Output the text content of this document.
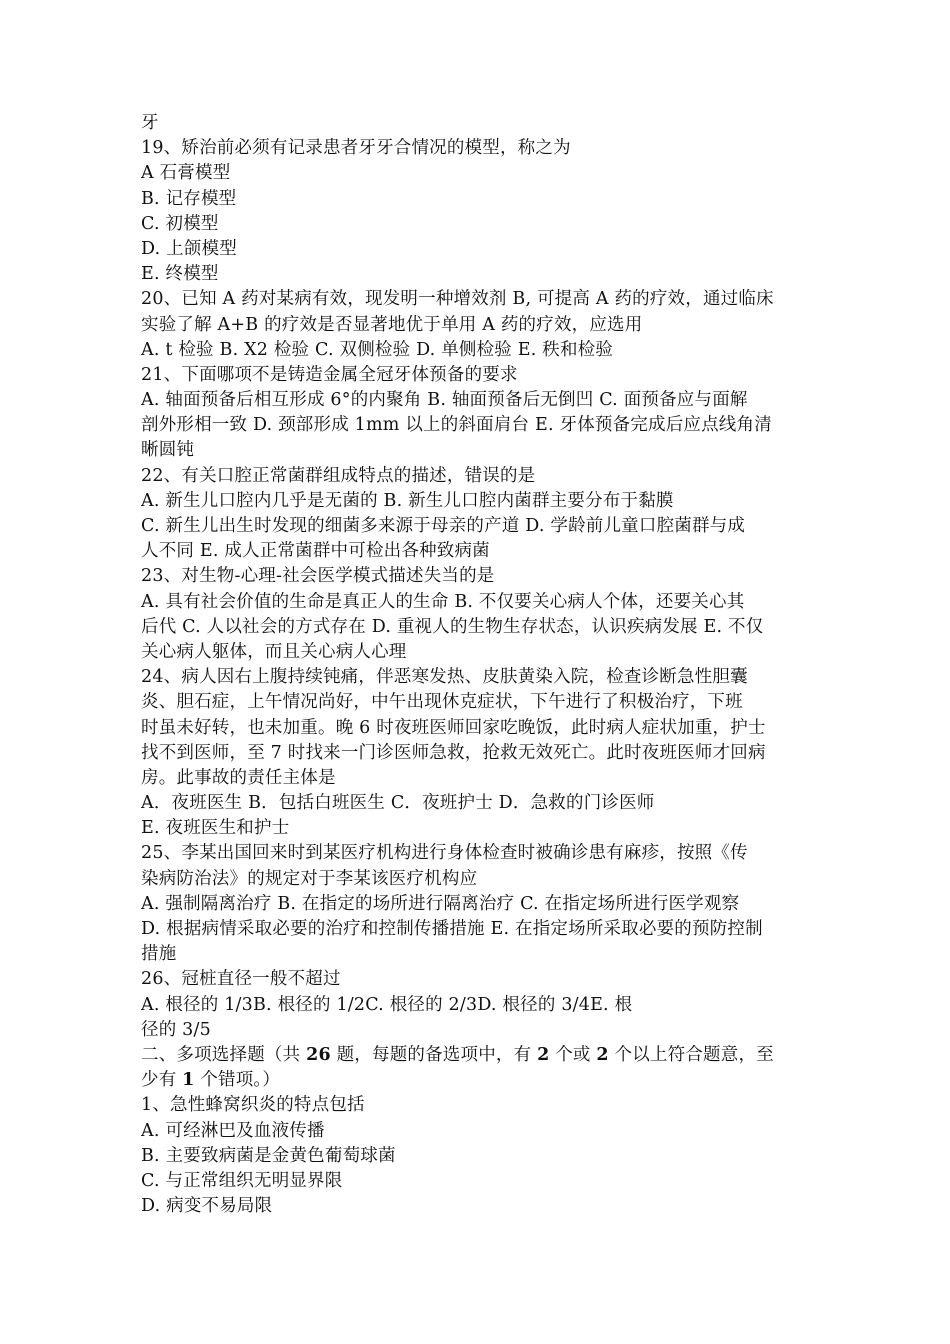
牙
19、矫治前必须有记录患者牙牙合情况的模型，称之为
A 石膏模型
B. 记存模型
C. 初模型
D. 上颌模型
E. 终模型
20、已知 A 药对某病有效，现发明一种增效剂 B, 可提高 A 药的疗效，通过临床
实验了解 A+B 的疗效是否显著地优于单用 A 药的疗效，应选用
A. t 检验 B. X2 检验 C. 双侧检验 D. 单侧检验 E. 秩和检验
21、下面哪项不是铸造金属全冠牙体预备的要求
A. 轴面预备后相互形成 6°的内聚角 B. 轴面预备后无倒凹 C. 面预备应与面解
剖外形相一致 D. 颈部形成 1mm 以上的斜面肩台 E. 牙体预备完成后应点线角清
晰圆钝
22、有关口腔正常菌群组成特点的描述，错误的是
A. 新生儿口腔内几乎是无菌的 B. 新生儿口腔内菌群主要分布于黏膜
C. 新生儿出生时发现的细菌多来源于母亲的产道 D. 学龄前儿童口腔菌群与成
人不同 E. 成人正常菌群中可检出各种致病菌
23、对生物-心理-社会医学模式描述失当的是
A. 具有社会价值的生命是真正人的生命 B. 不仅要关心病人个体，还要关心其
后代 C. 人以社会的方式存在 D. 重视人的生物生存状态，认识疾病发展 E. 不仅
关心病人躯体，而且关心病人心理
24、病人因右上腹持续钝痛，伴恶寒发热、皮肤黄染入院，检查诊断急性胆囊
炎、胆石症，上午情况尚好，中午出现休克症状，下午进行了积极治疗，下班
时虽未好转，也未加重。晚 6 时夜班医师回家吃晚饭，此时病人症状加重，护士
找不到医师，至 7 时找来一门诊医师急救，抢救无效死亡。此时夜班医师才回病
房。此事故的责任主体是
A．夜班医生 B．包括白班医生 C．夜班护士 D．急救的门诊医师
E. 夜班医生和护士
25、李某出国回来时到某医疗机构进行身体检查时被确诊患有麻疹，按照《传
染病防治法》的规定对于李某该医疗机构应
A. 强制隔离治疗 B. 在指定的场所进行隔离治疗 C. 在指定场所进行医学观察
D. 根据病情采取必要的治疗和控制传播措施 E. 在指定场所采取必要的预防控制
措施
26、冠桩直径一般不超过
A. 根径的 1/3B. 根径的 1/2C. 根径的 2/3D. 根径的 3/4E. 根
径的 3/5
二、多项选择题（共 26 题，每题的备选项中，有 2 个或 2 个以上符合题意，至
少有 1 个错项。）
1、急性蜂窝织炎的特点包括
A. 可经淋巴及血液传播
B. 主要致病菌是金黄色葡萄球菌
C. 与正常组织无明显界限
D. 病变不易局限
